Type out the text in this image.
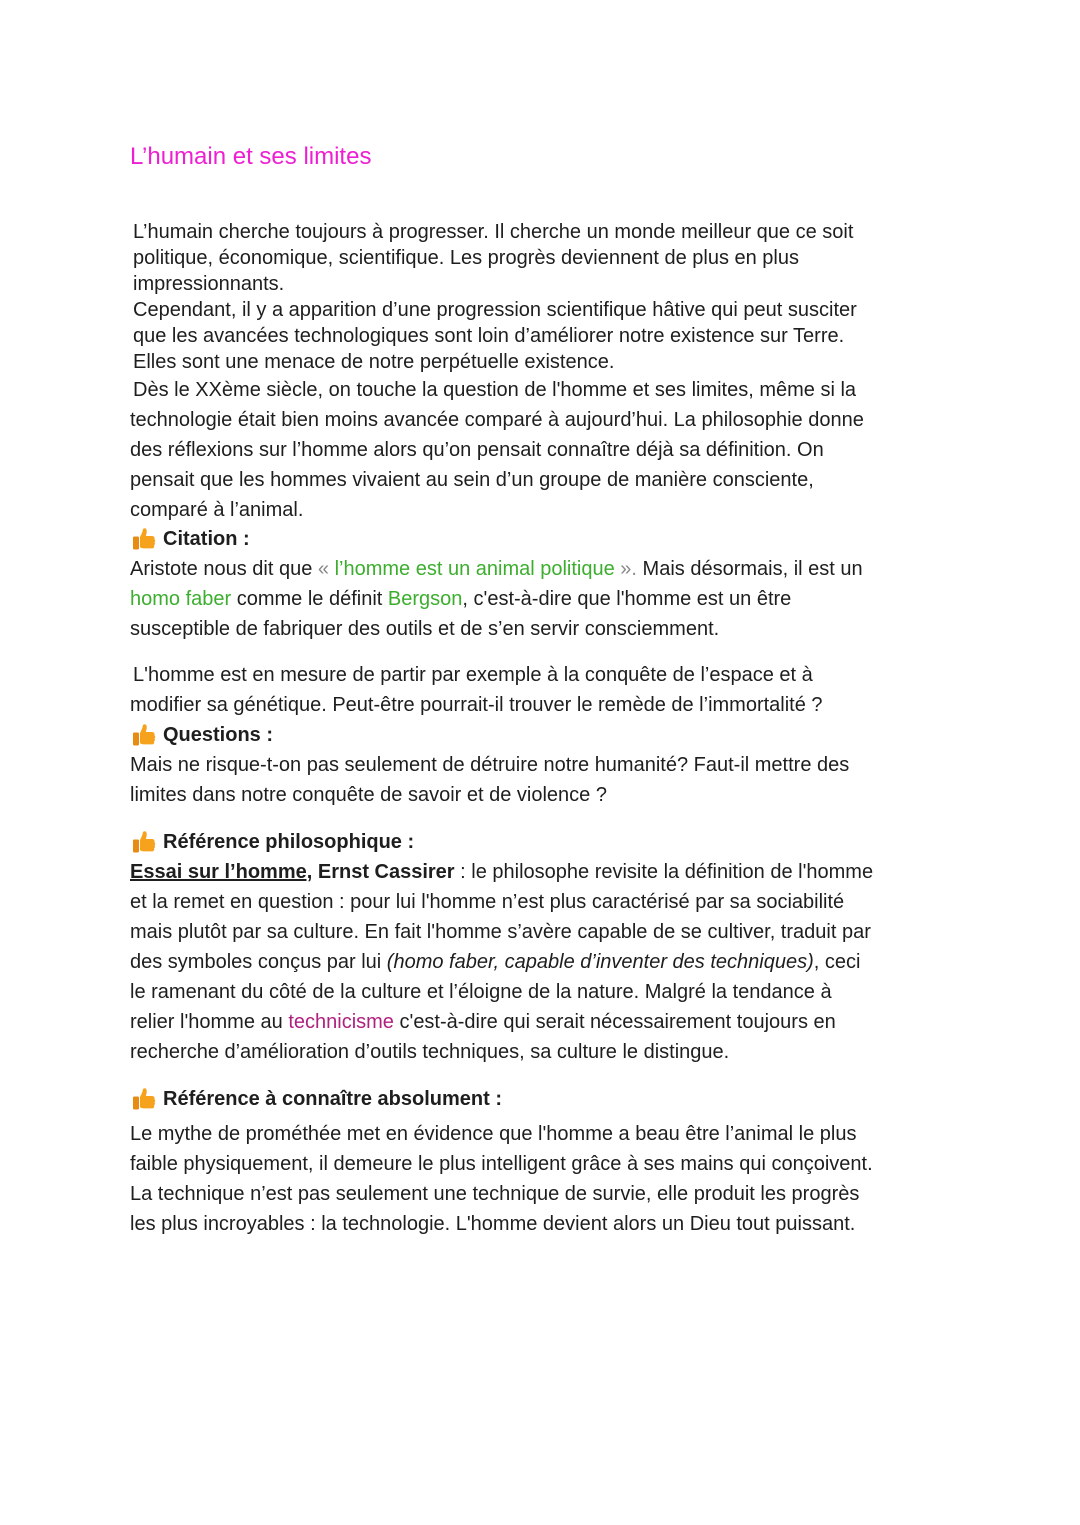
L’humain et ses limites
L’humain cherche toujours à progresser. Il cherche un monde meilleur que ce soit
politique, économique, scientifique. Les progrès deviennent de plus en plus
impressionnants.
Cependant, il y a apparition d’une progression scientifique hâtive qui peut susciter
que les avancées technologiques sont loin d’améliorer notre existence sur Terre.
Elles sont une menace de notre perpétuelle existence.
Dès le XXème siècle, on touche la question de l'homme et ses limites, même si la
technologie était bien moins avancée comparé à aujourd’hui. La philosophie donne
des réflexions sur l’homme alors qu’on pensait connaître déjà sa définition. On
pensait que les hommes vivaient au sein d’un groupe de manière consciente,
comparé à l’animal.
Citation :
Aristote nous dit que « l’homme est un animal politique ». Mais désormais, il est un
homo faber comme le définit Bergson, c'est-à-dire que l'homme est un être
susceptible de fabriquer des outils et de s’en servir consciemment.
L'homme est en mesure de partir par exemple à la conquête de l’espace et à
modifier sa génétique. Peut-être pourrait-il trouver le remède de l’immortalité ?
Questions :
Mais ne risque-t-on pas seulement de détruire notre humanité? Faut-il mettre des
limites dans notre conquête de savoir et de violence ?
Référence philosophique :
Essai sur l’homme, Ernst Cassirer : le philosophe revisite la définition de l'homme
et la remet en question : pour lui l'homme n’est plus caractérisé par sa sociabilité
mais plutôt par sa culture. En fait l'homme s’avère capable de se cultiver, traduit par
des symboles conçus par lui (homo faber, capable d’inventer des techniques), ceci
le ramenant du côté de la culture et l’éloigne de la nature. Malgré la tendance à
relier l'homme au technicisme c'est-à-dire qui serait nécessairement toujours en
recherche d’amélioration d’outils techniques, sa culture le distingue.
Référence à connaître absolument :
Le mythe de prométhée met en évidence que l'homme a beau être l’animal le plus
faible physiquement, il demeure le plus intelligent grâce à ses mains qui conçoivent.
La technique n’est pas seulement une technique de survie, elle produit les progrès
les plus incroyables : la technologie. L'homme devient alors un Dieu tout puissant.
